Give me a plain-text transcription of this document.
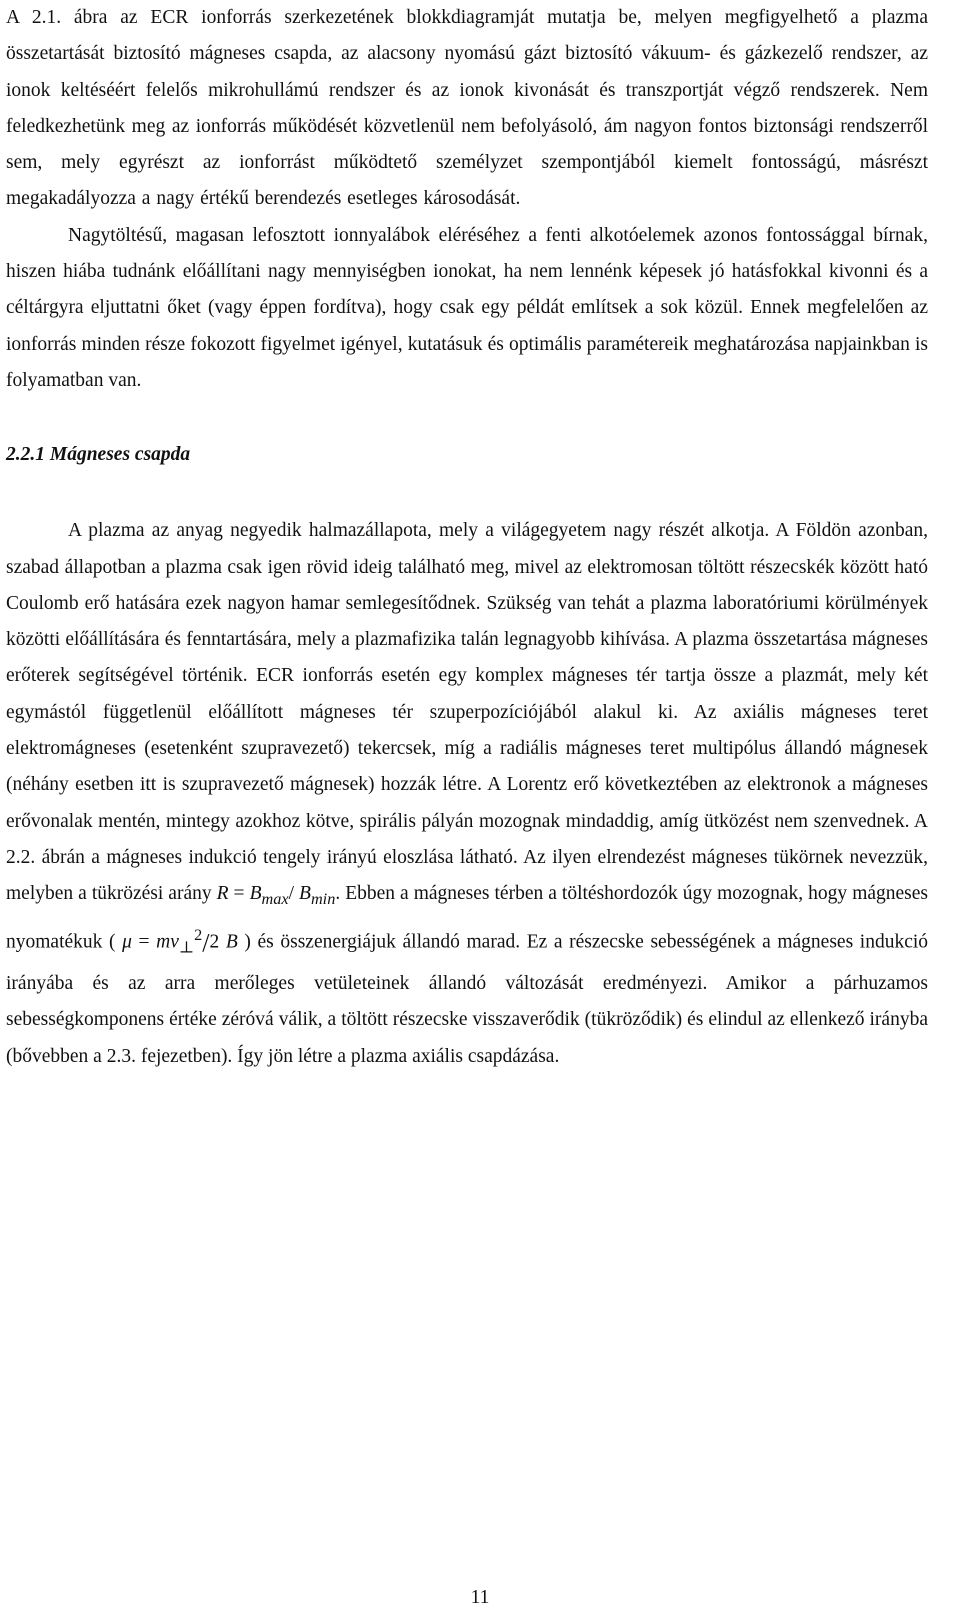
A 2.1. ábra az ECR ionforrás szerkezetének blokkdiagramját mutatja be, melyen megfigyelhető a plazma összetartását biztosító mágneses csapda, az alacsony nyomású gázt biztosító vákuum- és gázkezelő rendszer, az ionok keltéséért felelős mikrohullámú rendszer és az ionok kivonását és transzportját végző rendszerek. Nem feledkezhetünk meg az ionforrás működését közvetlenül nem befolyásoló, ám nagyon fontos biztonsági rendszerről sem, mely egyrészt az ionforrást működtető személyzet szempontjából kiemelt fontosságú, másrészt megakadályozza a nagy értékű berendezés esetleges károsodását.

Nagytöltésű, magasan lefosztott ionnyalábok eléréséhez a fenti alkotóelemek azonos fontossággal bírnak, hiszen hiába tudnánk előállítani nagy mennyiségben ionokat, ha nem lennénk képesek jó hatásfokkal kivonni és a céltárgyra eljuttatni őket (vagy éppen fordítva), hogy csak egy példát említsek a sok közül. Ennek megfelelően az ionforrás minden része fokozott figyelmet igényel, kutatásuk és optimális paramétereik meghatározása napjainkban is folyamatban van.

2.2.1 Mágneses csapda

A plazma az anyag negyedik halmazállapota, mely a világegyetem nagy részét alkotja. A Földön azonban, szabad állapotban a plazma csak igen rövid ideig található meg, mivel az elektromosan töltött részecskék között ható Coulomb erő hatására ezek nagyon hamar semlegesítődnek. Szükség van tehát a plazma laboratóriumi körülmények közötti előállítására és fenntartására, mely a plazmafizika talán legnagyobb kihívása. A plazma összetartása mágneses erőterek segítségével történik. ECR ionforrás esetén egy komplex mágneses tér tartja össze a plazmát, mely két egymástól függetlenül előállított mágneses tér szuperpozíciójából alakul ki. Az axiális mágneses teret elektromágneses (esetenként szupravezető) tekercsek, míg a radiális mágneses teret multipólus állandó mágnesek (néhány esetben itt is szupravezető mágnesek) hozzák létre. A Lorentz erő következtében az elektronok a mágneses erővonalak mentén, mintegy azokhoz kötve, spirális pályán mozognak mindaddig, amíg ütközést nem szenvednek. A 2.2. ábrán a mágneses indukció tengely irányú eloszlása látható. Az ilyen elrendezést mágneses tükörnek nevezzük, melyben a tükrözési arány $R = B_{max}/$ $B_{min}$. Ebben a mágneses térben a töltéshordozók úgy mozognak, hogy mágneses nyomatékuk ( $\mu = mv_\perp^2/2$ B ) és összenergiájuk állandó marad. Ez a részecske sebességének a mágneses indukció irányába és az arra merőleges vetületeinek állandó változását eredményezi. Amikor a párhuzamos sebességkomponens értéke zéróvá válik, a töltött részecske visszaverődik (tükröződik) és elindul az ellenkező irányba (bővebben a 2.3. fejezetben). Így jön létre a plazma axiális csapdázása.

11
